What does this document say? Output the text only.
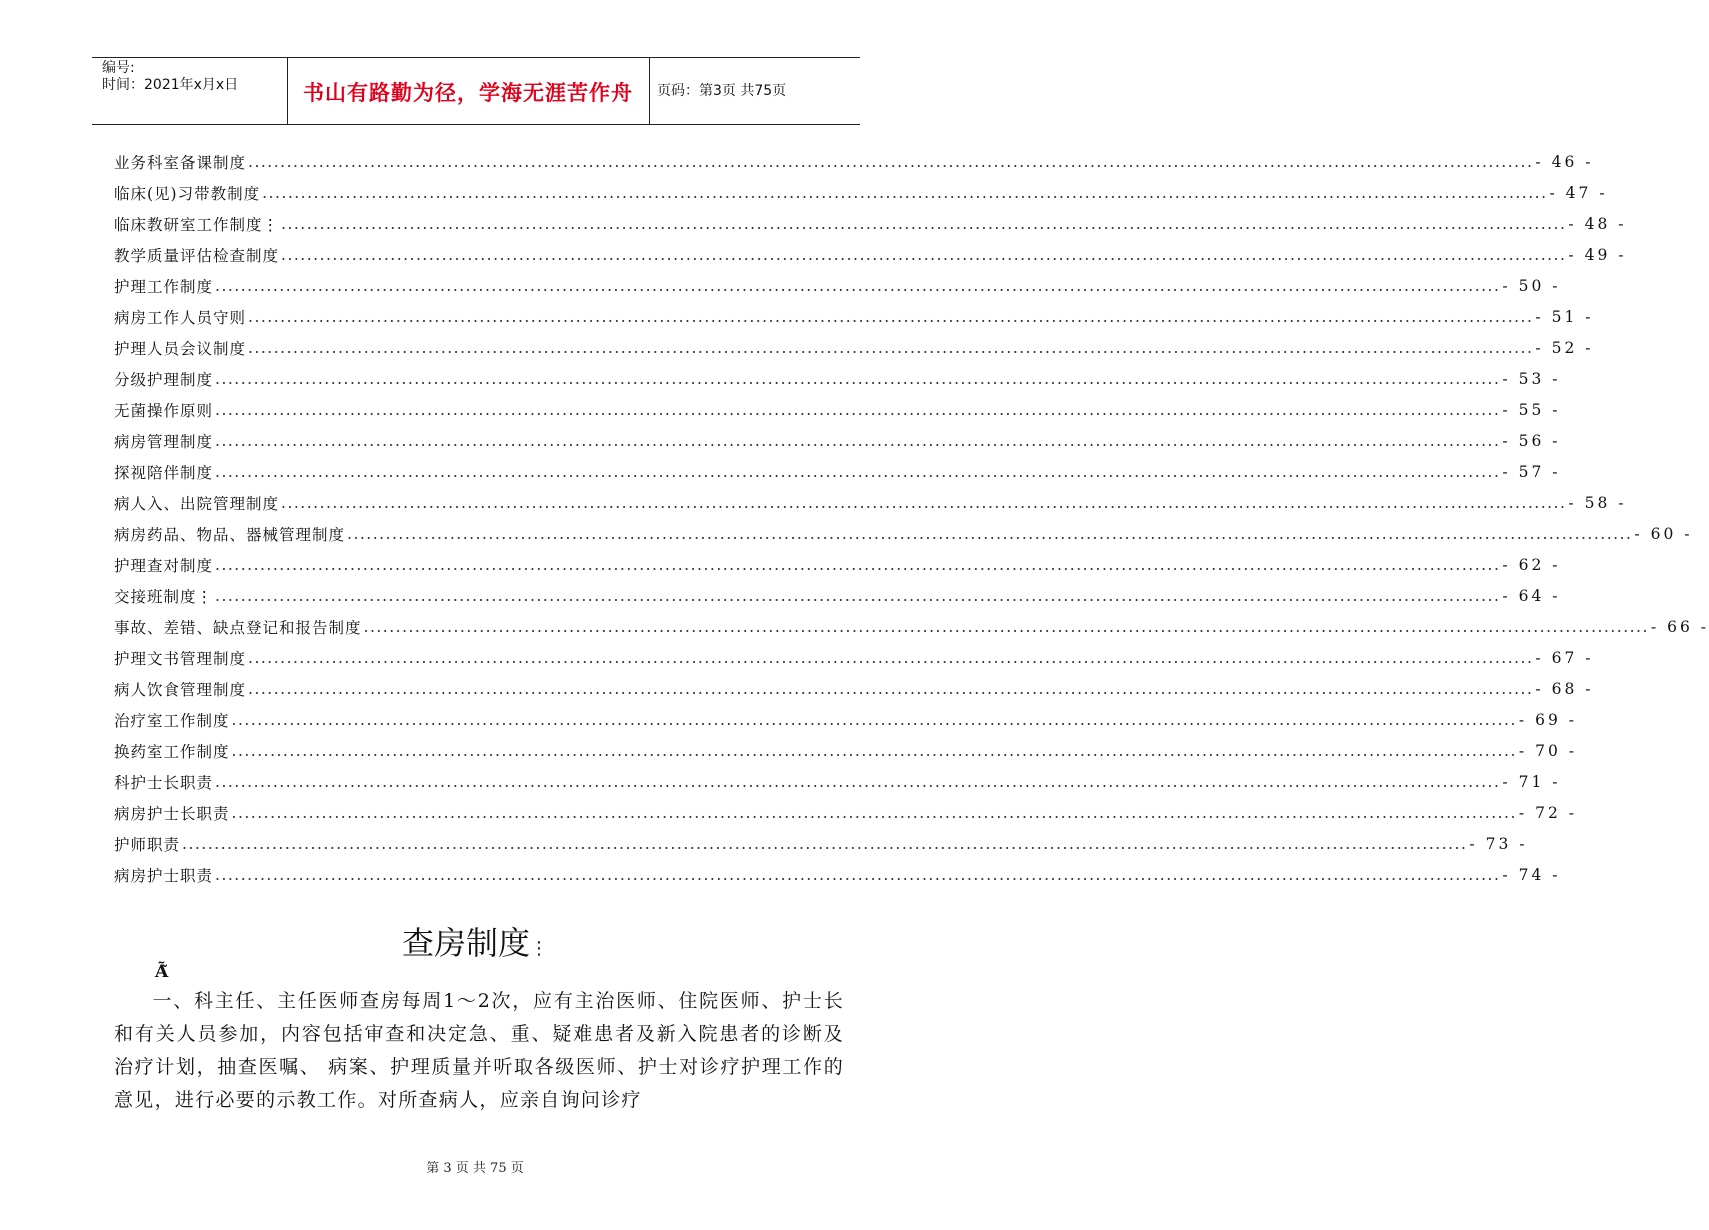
编号:
时间：2021年x月x日	书山有路勤为径，学海无涯苦作舟	页码：第3页 共75页
业务科室备课制度 ........................................................................................................................................................................................................ - 46 -
临床(见)习带教制度 ........................................................................................................................................................................................................ - 47 -
临床教研室工作制度⋮ ........................................................................................................................................................................................................ - 48 -
教学质量评估检查制度 ........................................................................................................................................................................................................ - 49 -
护理工作制度 ........................................................................................................................................................................................................ - 50 -
病房工作人员守则 ........................................................................................................................................................................................................ - 51 -
护理人员会议制度 ........................................................................................................................................................................................................ - 52 -
分级护理制度 ........................................................................................................................................................................................................ - 53 -
无菌操作原则 ........................................................................................................................................................................................................ - 55 -
病房管理制度 ........................................................................................................................................................................................................ - 56 -
探视陪伴制度 ........................................................................................................................................................................................................ - 57 -
病人入、出院管理制度 ........................................................................................................................................................................................................ - 58 -
病房药品、物品、器械管理制度 ........................................................................................................................................................................................................ - 60 -
护理查对制度 ........................................................................................................................................................................................................ - 62 -
交接班制度⋮ ........................................................................................................................................................................................................ - 64 -
事故、差错、缺点登记和报告制度 ........................................................................................................................................................................................................ - 66 -
护理文书管理制度 ........................................................................................................................................................................................................ - 67 -
病人饮食管理制度 ........................................................................................................................................................................................................ - 68 -
治疗室工作制度 ........................................................................................................................................................................................................ - 69 -
换药室工作制度 ........................................................................................................................................................................................................ - 70 -
科护士长职责 ........................................................................................................................................................................................................ - 71 -
病房护士长职责 ........................................................................................................................................................................................................ - 72 -
护师职责 ........................................................................................................................................................................................................ - 73 -
病房护士职责 ........................................................................................................................................................................................................ - 74 -
查房制度⋮
Ã̃

一、科主任、主任医师查房每周1～2次，应有主治医师、住院医师、护士长和有关人员参加，内容包括审查和决定急、重、疑难患者及新入院患者的诊断及治疗计划，抽查医嘱、 病案、护理质量并听取各级医师、护士对诊疗护理工作的意见，进行必要的示教工作。对所查病人，应亲自询问诊疗

第 3 页 共 75 页
